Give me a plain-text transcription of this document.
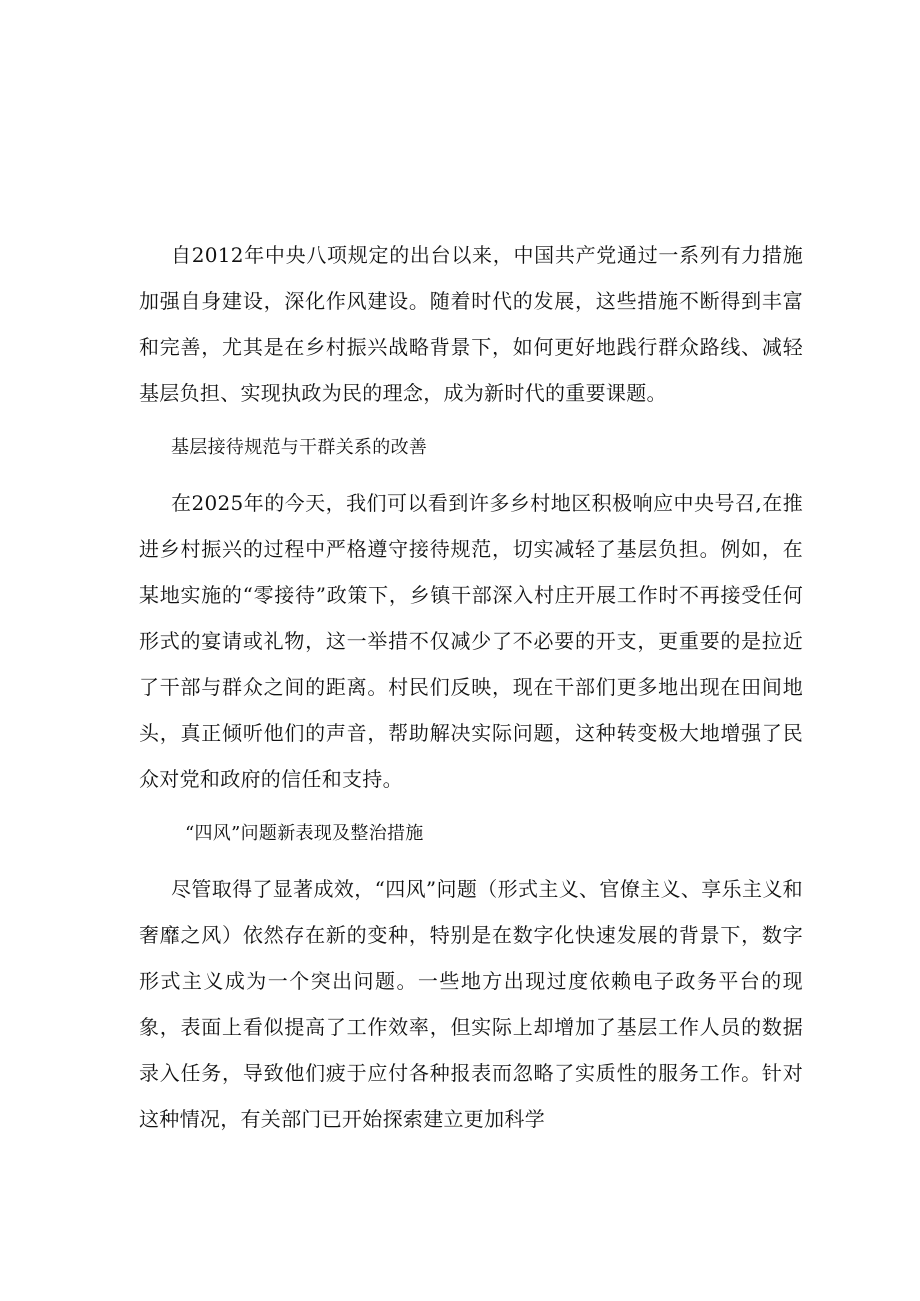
自2012年中央八项规定的出台以来，中国共产党通过一系列有力措施加强自身建设，深化作风建设。随着时代的发展，这些措施不断得到丰富和完善，尤其是在乡村振兴战略背景下，如何更好地践行群众路线、减轻基层负担、实现执政为民的理念，成为新时代的重要课题。

基层接待规范与干群关系的改善

在2025年的今天，我们可以看到许多乡村地区积极响应中央号召,在推进乡村振兴的过程中严格遵守接待规范，切实减轻了基层负担。例如，在某地实施的“零接待”政策下，乡镇干部深入村庄开展工作时不再接受任何形式的宴请或礼物，这一举措不仅减少了不必要的开支，更重要的是拉近了干部与群众之间的距离。村民们反映，现在干部们更多地出现在田间地头，真正倾听他们的声音，帮助解决实际问题，这种转变极大地增强了民众对党和政府的信任和支持。

“四风”问题新表现及整治措施

尽管取得了显著成效，“四风”问题（形式主义、官僚主义、享乐主义和奢靡之风）依然存在新的变种，特别是在数字化快速发展的背景下，数字形式主义成为一个突出问题。一些地方出现过度依赖电子政务平台的现象，表面上看似提高了工作效率，但实际上却增加了基层工作人员的数据录入任务，导致他们疲于应付各种报表而忽略了实质性的服务工作。针对这种情况，有关部门已开始探索建立更加科学
